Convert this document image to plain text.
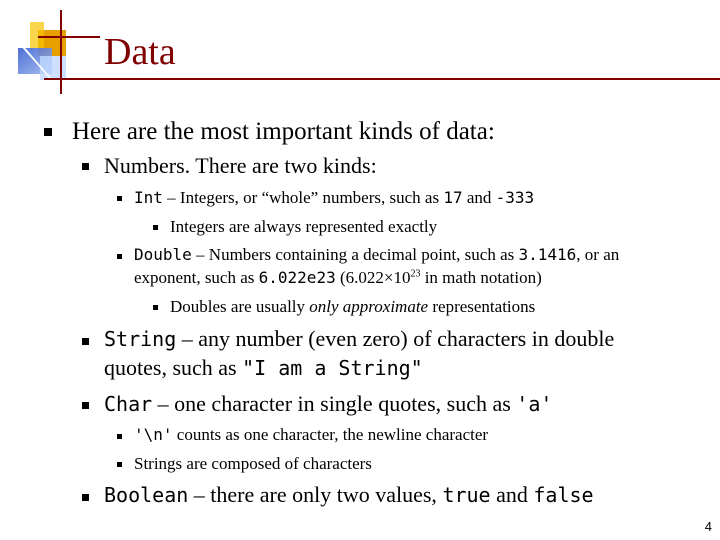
Data
Here are the most important kinds of data:
Numbers. There are two kinds:
Int – Integers, or “whole” numbers, such as 17 and -333
Integers are always represented exactly
Double – Numbers containing a decimal point, such as 3.1416, or an
exponent, such as 6.022e23 ($6.022\times 10^{23}$ in math notation)
Doubles are usually only approximate representations
String – any number (even zero) of characters in double
quotes, such as "I am a String"
Char – one character in single quotes, such as 'a'
'\n' counts as one character, the newline character
Strings are composed of characters
Boolean – there are only two values, true and false
4
